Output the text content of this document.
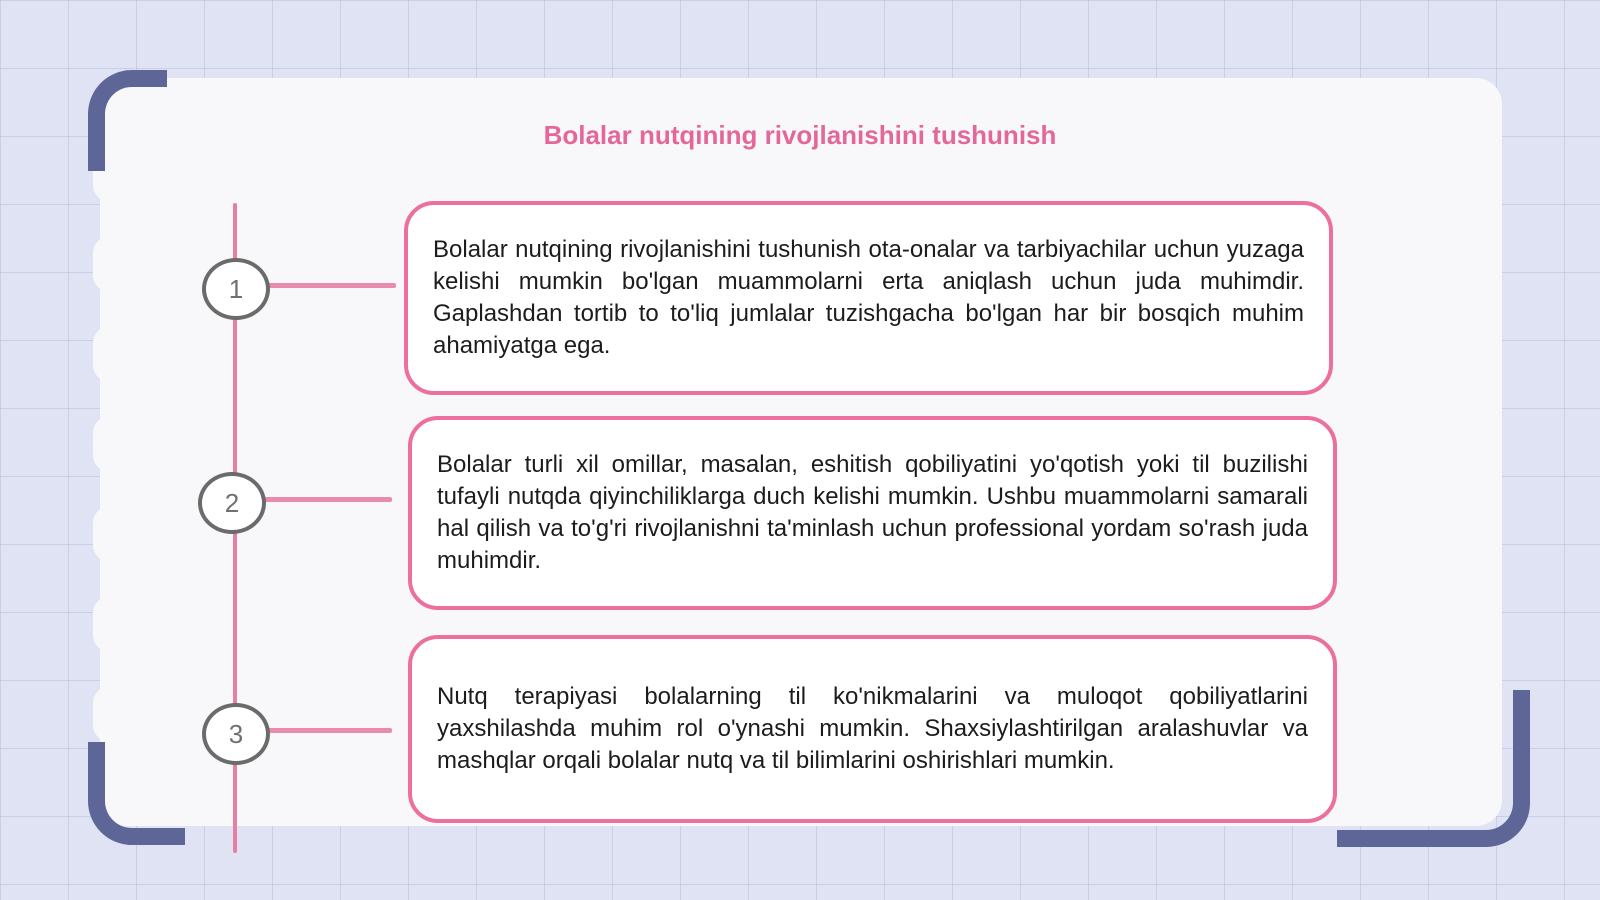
Bolalar nutqining rivojlanishini tushunish
1

Bolalar nutqining rivojlanishini tushunish ota-onalar va tarbiyachilar uchun yuzaga kelishi mumkin bo'lgan muammolarni erta aniqlash uchun juda muhimdir. Gaplashdan tortib to to'liq jumlalar tuzishgacha bo'lgan har bir bosqich muhim ahamiyatga ega.

2

Bolalar turli xil omillar, masalan, eshitish qobiliyatini yo'qotish yoki til buzilishi tufayli nutqda qiyinchiliklarga duch kelishi mumkin. Ushbu muammolarni samarali hal qilish va to'g'ri rivojlanishni ta'minlash uchun professional yordam so'rash juda muhimdir.

3

Nutq terapiyasi bolalarning til ko'nikmalarini va muloqot qobiliyatlarini yaxshilashda muhim rol o'ynashi mumkin. Shaxsiylashtirilgan aralashuvlar va mashqlar orqali bolalar nutq va til bilimlarini oshirishlari mumkin.
